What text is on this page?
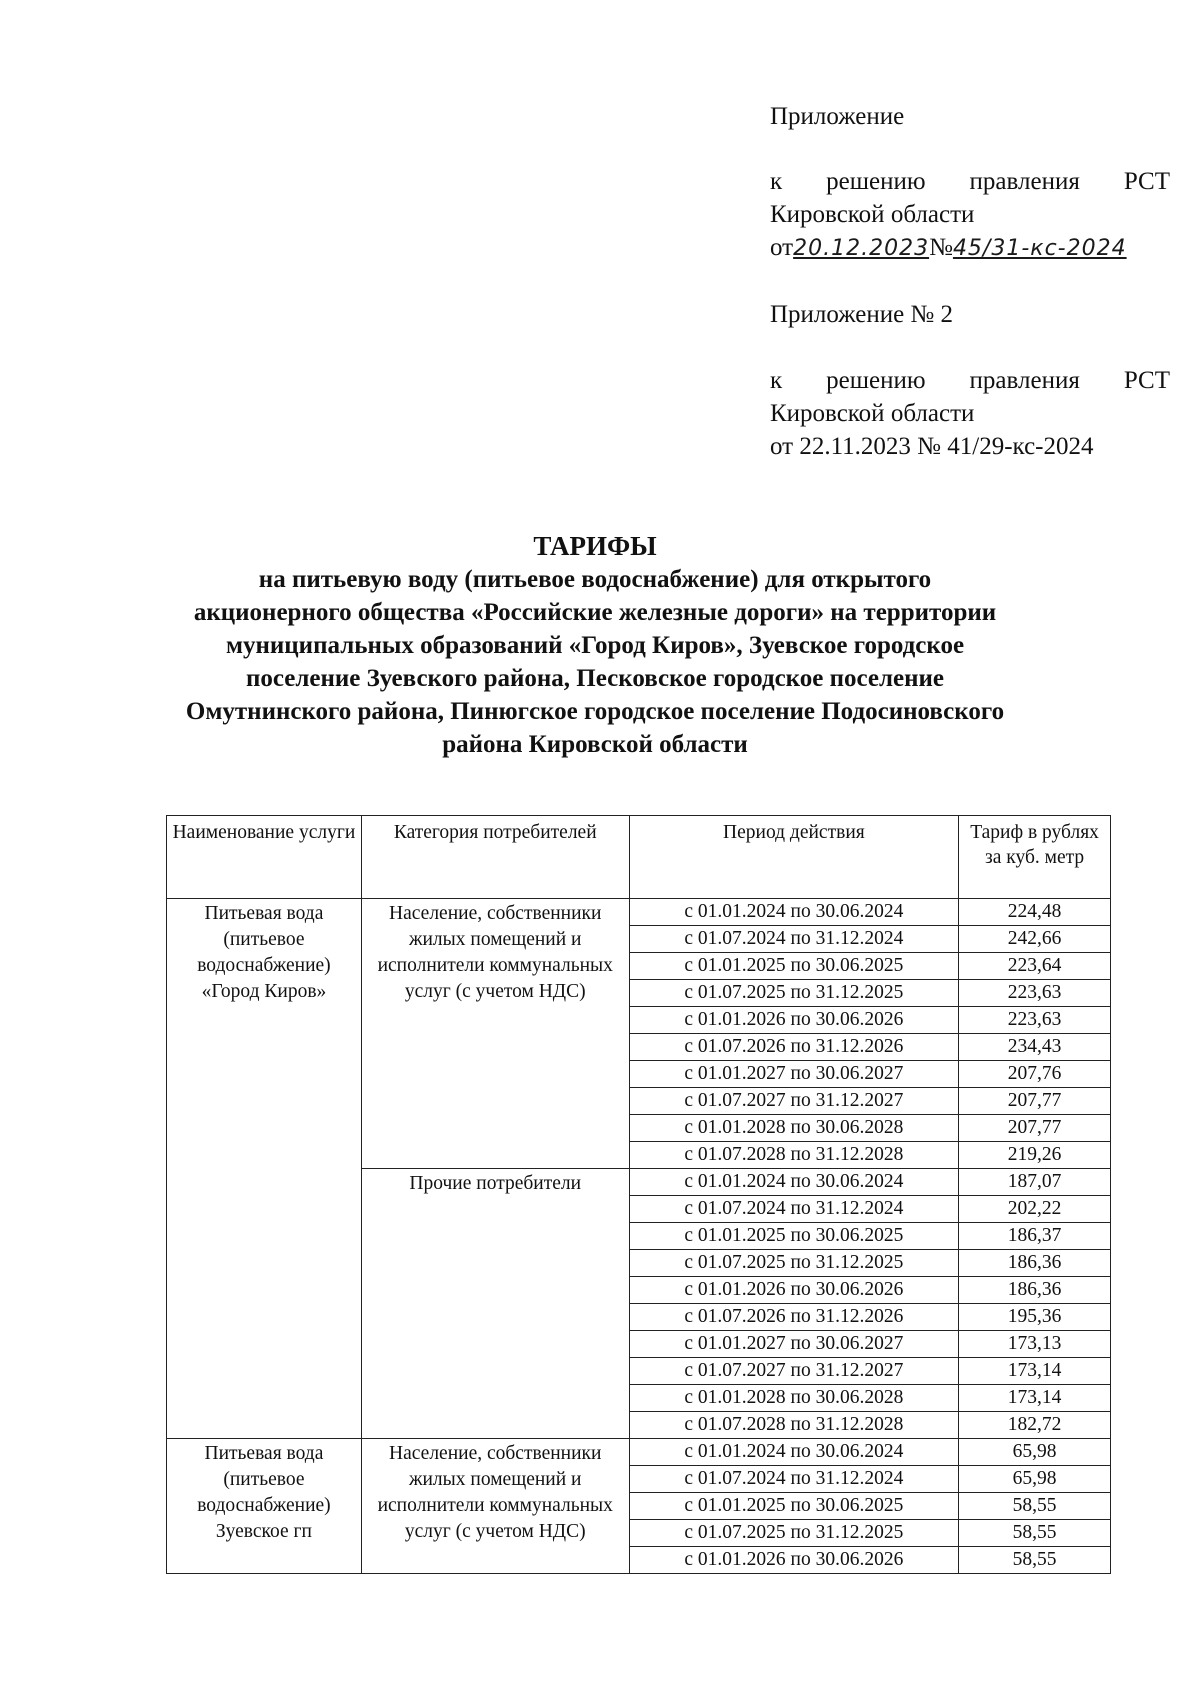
Приложение

к решению правления РСТ

Кировской области

от 20.12.2023 № 45/31-кс-2024

Приложение № 2

к решению правления РСТ

Кировской области

от 22.11.2023 № 41/29-кс-2024

ТАРИФЫ
на питьевую воду (питьевое водоснабжение) для открытого
акционерного общества «Российские железные дороги» на территории
муниципальных образований «Город Киров», Зуевское городское
поселение Зуевского района, Песковское городское поселение
Омутнинского района, Пинюгское городское поселение Подосиновского
района Кировской области
Наименование услуги	Категория потребителей	Период действия	Тариф в рублях за куб. метр
Питьевая вода (питьевое водоснабжение) «Город Киров»	Население, собственники жилых помещений и исполнители коммунальных услуг (с учетом НДС)	с 01.01.2024 по 30.06.2024	224,48
		с 01.07.2024 по 31.12.2024	242,66
		с 01.01.2025 по 30.06.2025	223,64
		с 01.07.2025 по 31.12.2025	223,63
		с 01.01.2026 по 30.06.2026	223,63
		с 01.07.2026 по 31.12.2026	234,43
		с 01.01.2027 по 30.06.2027	207,76
		с 01.07.2027 по 31.12.2027	207,77
		с 01.01.2028 по 30.06.2028	207,77
		с 01.07.2028 по 31.12.2028	219,26
	Прочие потребители	с 01.01.2024 по 30.06.2024	187,07
		с 01.07.2024 по 31.12.2024	202,22
		с 01.01.2025 по 30.06.2025	186,37
		с 01.07.2025 по 31.12.2025	186,36
		с 01.01.2026 по 30.06.2026	186,36
		с 01.07.2026 по 31.12.2026	195,36
		с 01.01.2027 по 30.06.2027	173,13
		с 01.07.2027 по 31.12.2027	173,14
		с 01.01.2028 по 30.06.2028	173,14
		с 01.07.2028 по 31.12.2028	182,72
Питьевая вода (питьевое водоснабжение) Зуевское гп	Население, собственники жилых помещений и исполнители коммунальных услуг (с учетом НДС)	с 01.01.2024 по 30.06.2024	65,98
		с 01.07.2024 по 31.12.2024	65,98
		с 01.01.2025 по 30.06.2025	58,55
		с 01.07.2025 по 31.12.2025	58,55
		с 01.01.2026 по 30.06.2026	58,55
